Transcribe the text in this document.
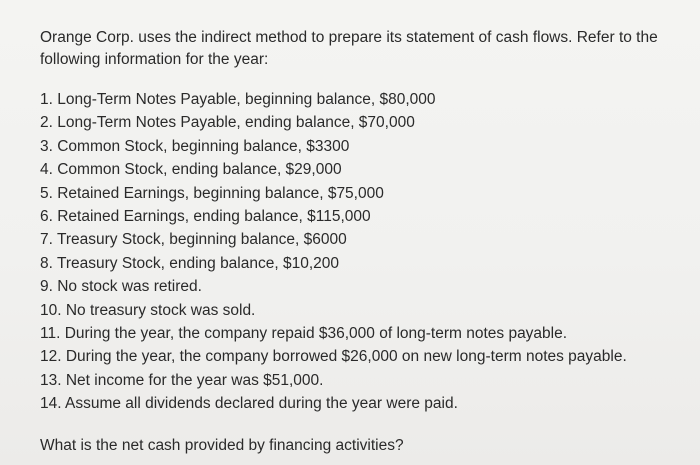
Orange Corp. uses the indirect method to prepare its statement of cash flows. Refer to the
following information for the year:

1. Long-Term Notes Payable, beginning balance, $80,000
2. Long-Term Notes Payable, ending balance, $70,000
3. Common Stock, beginning balance, $3300
4. Common Stock, ending balance, $29,000
5. Retained Earnings, beginning balance, $75,000
6. Retained Earnings, ending balance, $115,000
7. Treasury Stock, beginning balance, $6000
8. Treasury Stock, ending balance, $10,200
9. No stock was retired.
10. No treasury stock was sold.
11. During the year, the company repaid $36,000 of long-term notes payable.
12. During the year, the company borrowed $26,000 on new long-term notes payable.
13. Net income for the year was $51,000.
14. Assume all dividends declared during the year were paid.

What is the net cash provided by financing activities?
